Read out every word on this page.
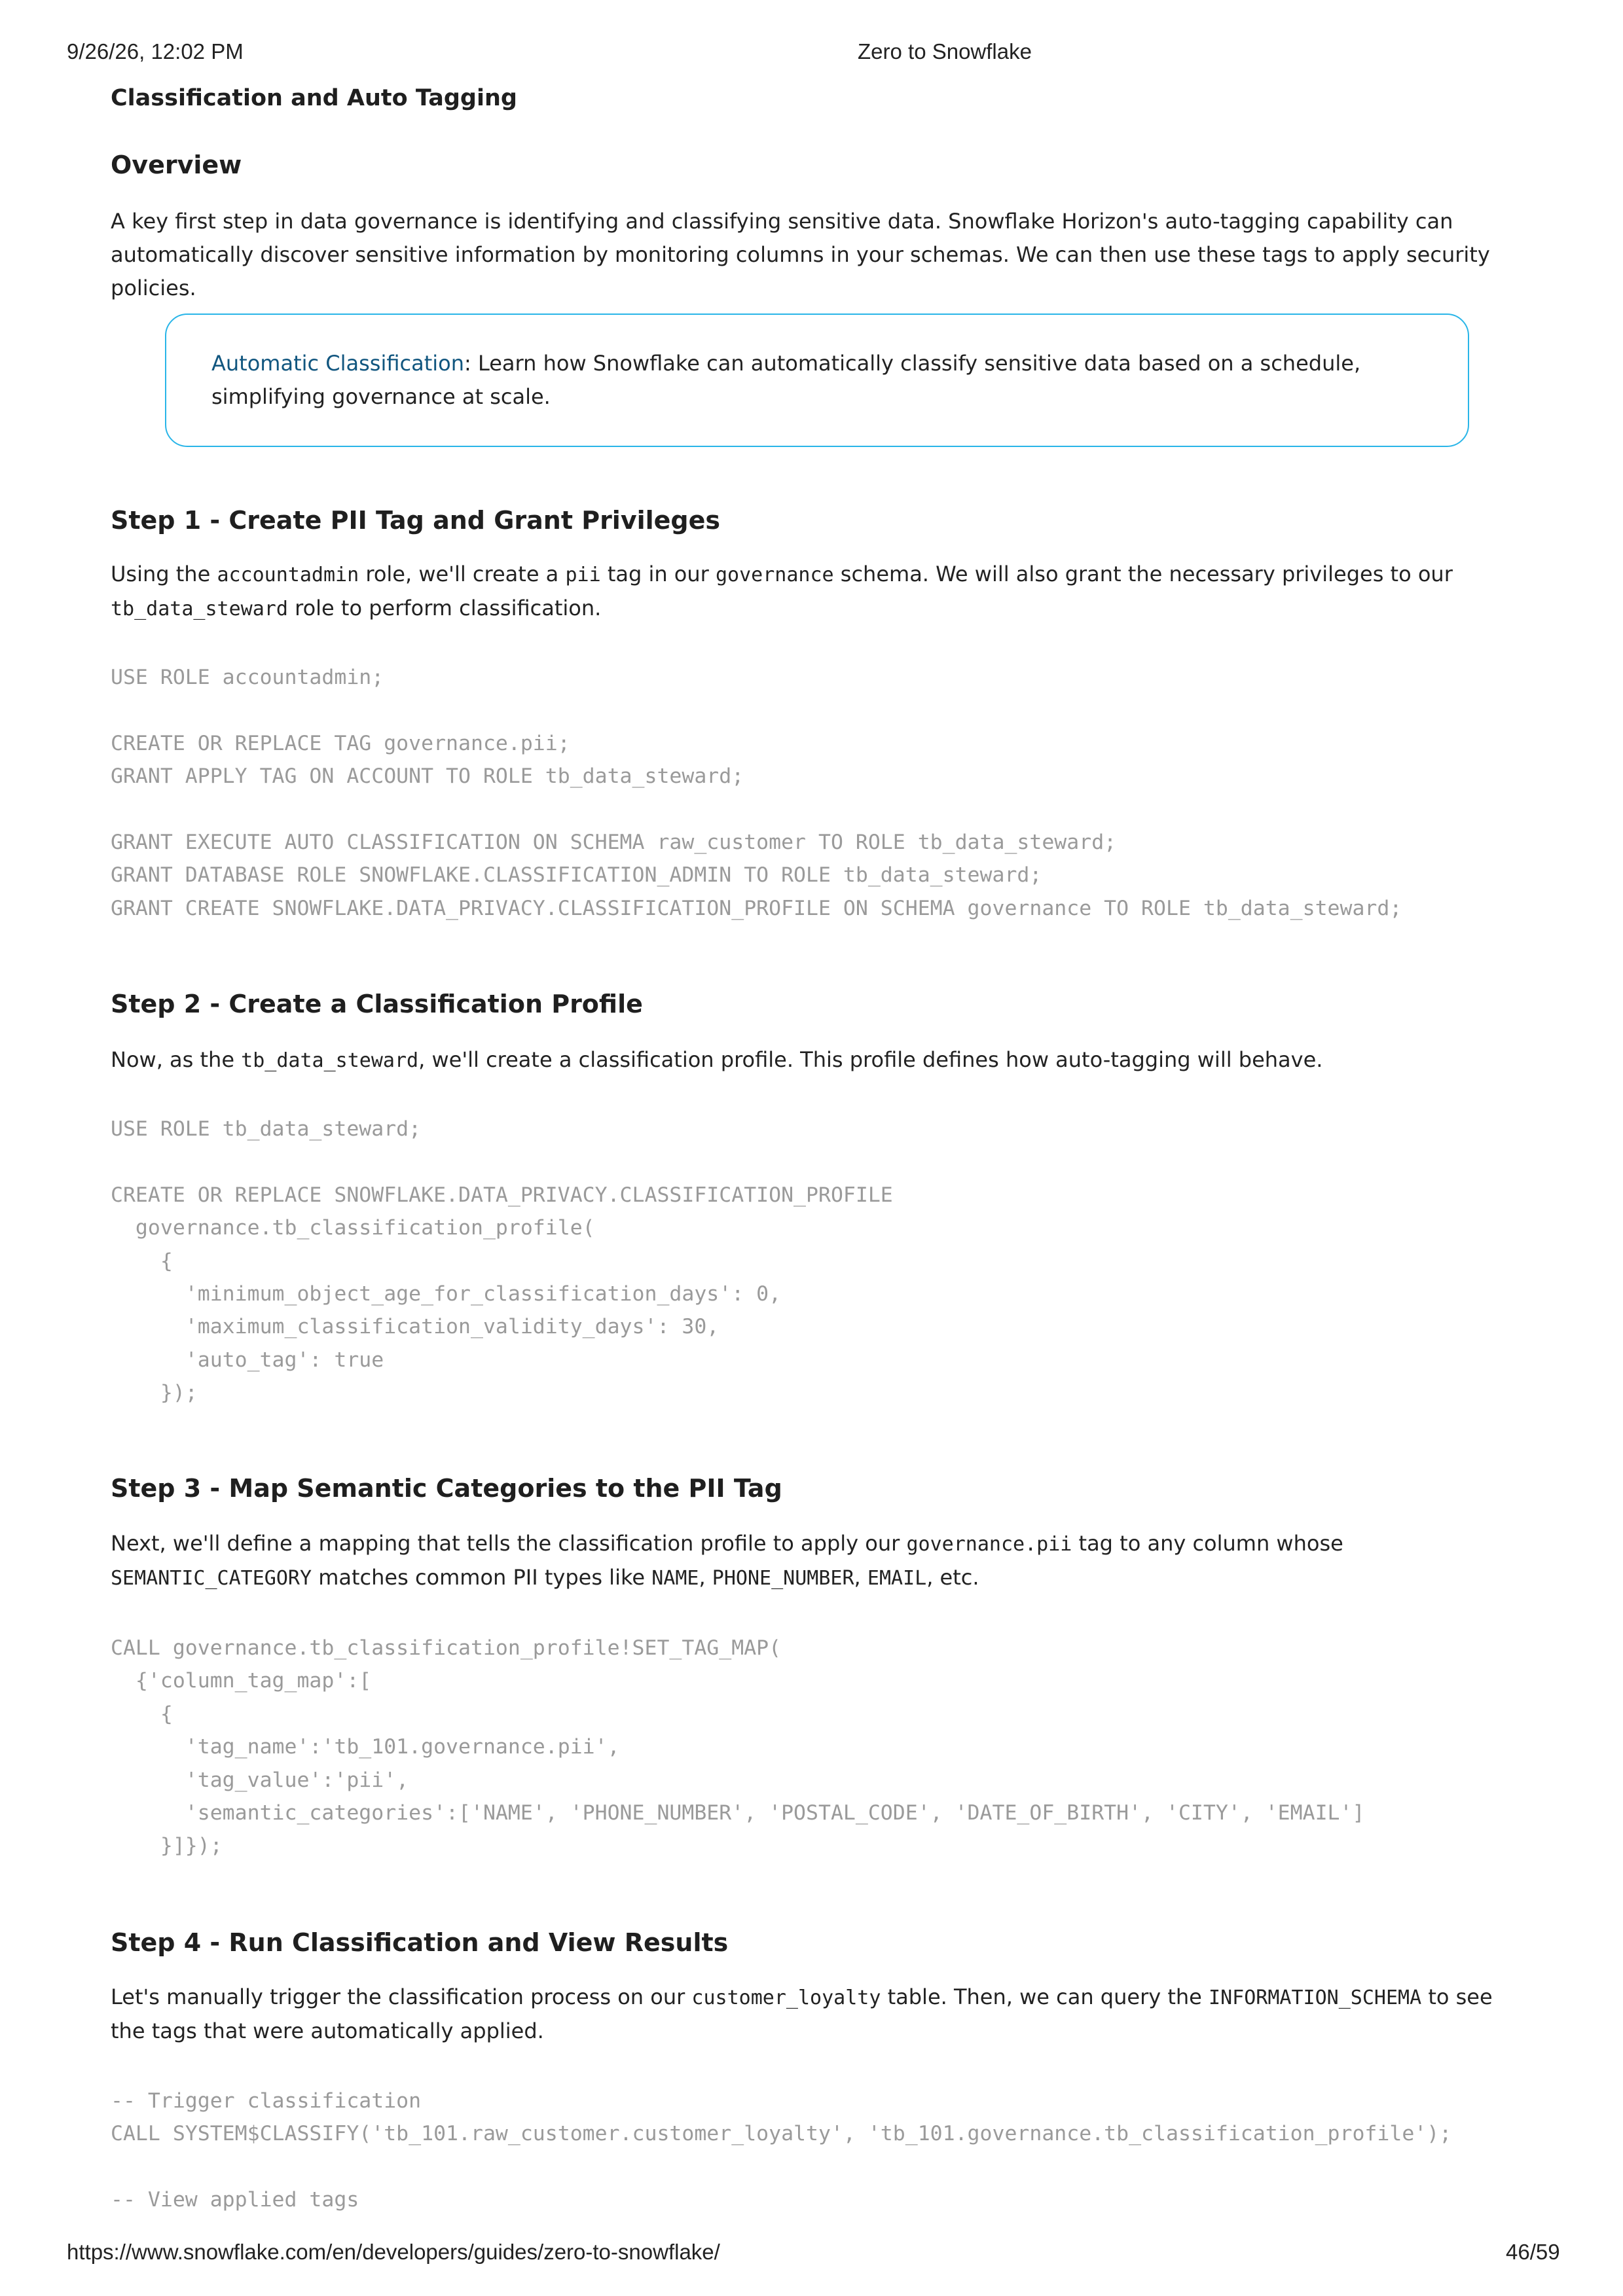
9/26/26, 12:02 PM	Zero to Snowflake
Classification and Auto Tagging
Overview

A key first step in data governance is identifying and classifying sensitive data. Snowflake Horizon's auto-tagging capability can automatically discover sensitive information by monitoring columns in your schemas. We can then use these tags to apply security policies.

Automatic Classification: Learn how Snowflake can automatically classify sensitive data based on a schedule, simplifying governance at scale.

Step 1 - Create PII Tag and Grant Privileges

Using the accountadmin role, we'll create a pii tag in our governance schema. We will also grant the necessary privileges to our tb_data_steward role to perform classification.

USE ROLE accountadmin;

CREATE OR REPLACE TAG governance.pii;
GRANT APPLY TAG ON ACCOUNT TO ROLE tb_data_steward;

GRANT EXECUTE AUTO CLASSIFICATION ON SCHEMA raw_customer TO ROLE tb_data_steward;
GRANT DATABASE ROLE SNOWFLAKE.CLASSIFICATION_ADMIN TO ROLE tb_data_steward;
GRANT CREATE SNOWFLAKE.DATA_PRIVACY.CLASSIFICATION_PROFILE ON SCHEMA governance TO ROLE tb_data_steward;
Step 2 - Create a Classification Profile

Now, as the tb_data_steward, we'll create a classification profile. This profile defines how auto-tagging will behave.

USE ROLE tb_data_steward;

CREATE OR REPLACE SNOWFLAKE.DATA_PRIVACY.CLASSIFICATION_PROFILE
governance.tb_classification_profile(
{
'minimum_object_age_for_classification_days': 0,
'maximum_classification_validity_days': 30,
'auto_tag': true
});
Step 3 - Map Semantic Categories to the PII Tag

Next, we'll define a mapping that tells the classification profile to apply our governance.pii tag to any column whose SEMANTIC_CATEGORY matches common PII types like NAME, PHONE_NUMBER, EMAIL, etc.

CALL governance.tb_classification_profile!SET_TAG_MAP(
{'column_tag_map':[
{
'tag_name':'tb_101.governance.pii',
'tag_value':'pii',
'semantic_categories':['NAME', 'PHONE_NUMBER', 'POSTAL_CODE', 'DATE_OF_BIRTH', 'CITY', 'EMAIL']
}]});
Step 4 - Run Classification and View Results

Let's manually trigger the classification process on our customer_loyalty table. Then, we can query the INFORMATION_SCHEMA to see the tags that were automatically applied.

-- Trigger classification
CALL SYSTEM$CLASSIFY('tb_101.raw_customer.customer_loyalty', 'tb_101.governance.tb_classification_profile');

-- View applied tags
https://www.snowflake.com/en/developers/guides/zero-to-snowflake/	46/59
